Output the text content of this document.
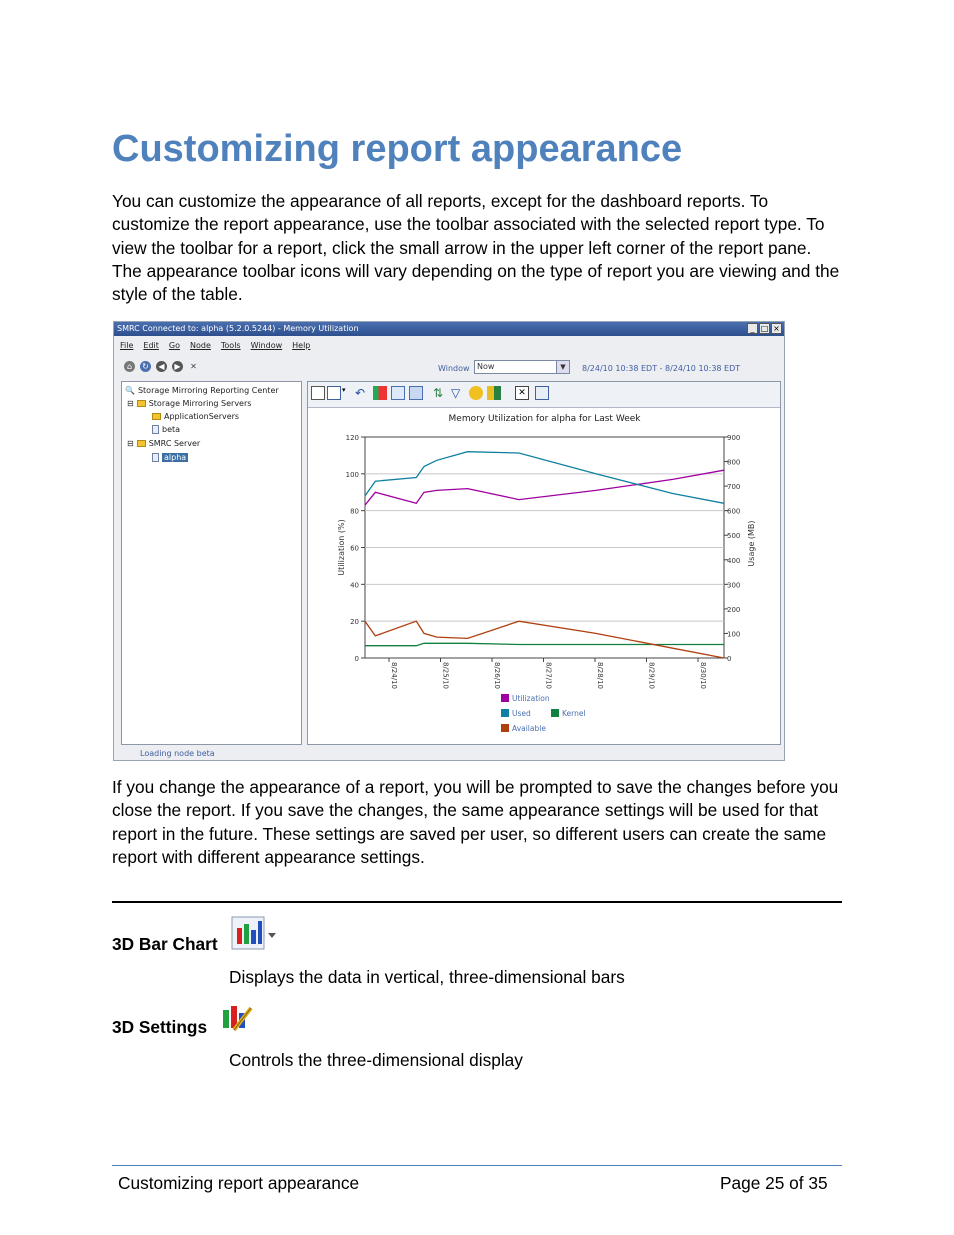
Customizing report appearance

You can customize the appearance of all reports, except for the dashboard reports. To customize the report appearance, use the toolbar associated with the selected report type. To view the toolbar for a report, click the small arrow in the upper left corner of the report pane. The appearance toolbar icons will vary depending on the type of report you are viewing and the style of the table.

SMRC Connected to: alpha (5.2.0.5244) - Memory Utilization	_ □ ×
File Edit Go Node Tools Window Help
⌂	↻	◀	▶	✕	Window Now	▼	8/24/10 10:38 EDT - 8/24/10 10:38 EDT
🔍 Storage Mirroring Reporting Center
⊟ Storage Mirroring Servers
ApplicationServers
beta
⊟ SMRC Server
alpha
▾ ↶	⇅ ▽	✕
Memory Utilization for alpha for Last Week
120
100
80
60
40
20
0
900
800
700
600
500
400
300
200
100
0
8/24/10	8/25/10	8/26/10	8/27/10	8/28/10	8/29/10	8/30/10
Utilization (%)	Usage (MB)
Utilization
Used	Kernel
Available
Loading node beta

If you change the appearance of a report, you will be prompted to save the changes before you close the report. If you save the changes, the same appearance settings will be used for that report in the future. These settings are saved per user, so different users can create the same report with different appearance settings.

3D Bar Chart
Displays the data in vertical, three-dimensional bars
3D Settings
Controls the three-dimensional display
Customizing report appearance	Page 25 of 35
